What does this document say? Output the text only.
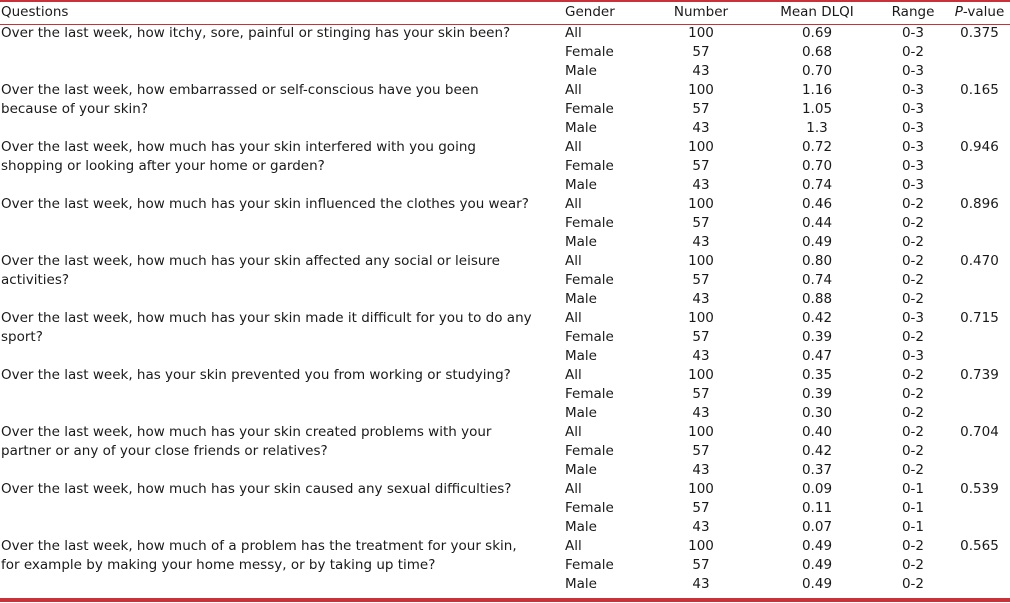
Questions	Gender	Number	Mean DLQI	Range	P-value

Over the last week, how itchy, sore, painful or stinging has your skin been?	All	100	0.69	0-3	0.375
	Female	57	0.68	0-2	
	Male	43	0.70	0-3	

Over the last week, how embarrassed or self-conscious have you been because of your skin?	All	100	1.16	0-3	0.165
	Female	57	1.05	0-3	
	Male	43	1.3	0-3	

Over the last week, how much has your skin interfered with you going shopping or looking after your home or garden?	All	100	0.72	0-3	0.946
	Female	57	0.70	0-3	
	Male	43	0.74	0-3	

Over the last week, how much has your skin influenced the clothes you wear?	All	100	0.46	0-2	0.896
	Female	57	0.44	0-2	
	Male	43	0.49	0-2	

Over the last week, how much has your skin affected any social or leisure activities?	All	100	0.80	0-2	0.470
	Female	57	0.74	0-2	
	Male	43	0.88	0-2	

Over the last week, how much has your skin made it difficult for you to do any sport?	All	100	0.42	0-3	0.715
	Female	57	0.39	0-2	
	Male	43	0.47	0-3	

Over the last week, has your skin prevented you from working or studying?	All	100	0.35	0-2	0.739
	Female	57	0.39	0-2	
	Male	43	0.30	0-2	

Over the last week, how much has your skin created problems with your partner or any of your close friends or relatives?	All	100	0.40	0-2	0.704
	Female	57	0.42	0-2	
	Male	43	0.37	0-2	

Over the last week, how much has your skin caused any sexual difficulties?	All	100	0.09	0-1	0.539
	Female	57	0.11	0-1	
	Male	43	0.07	0-1	

Over the last week, how much of a problem has the treatment for your skin, for example by making your home messy, or by taking up time?	All	100	0.49	0-2	0.565
	Female	57	0.49	0-2	
	Male	43	0.49	0-2	
